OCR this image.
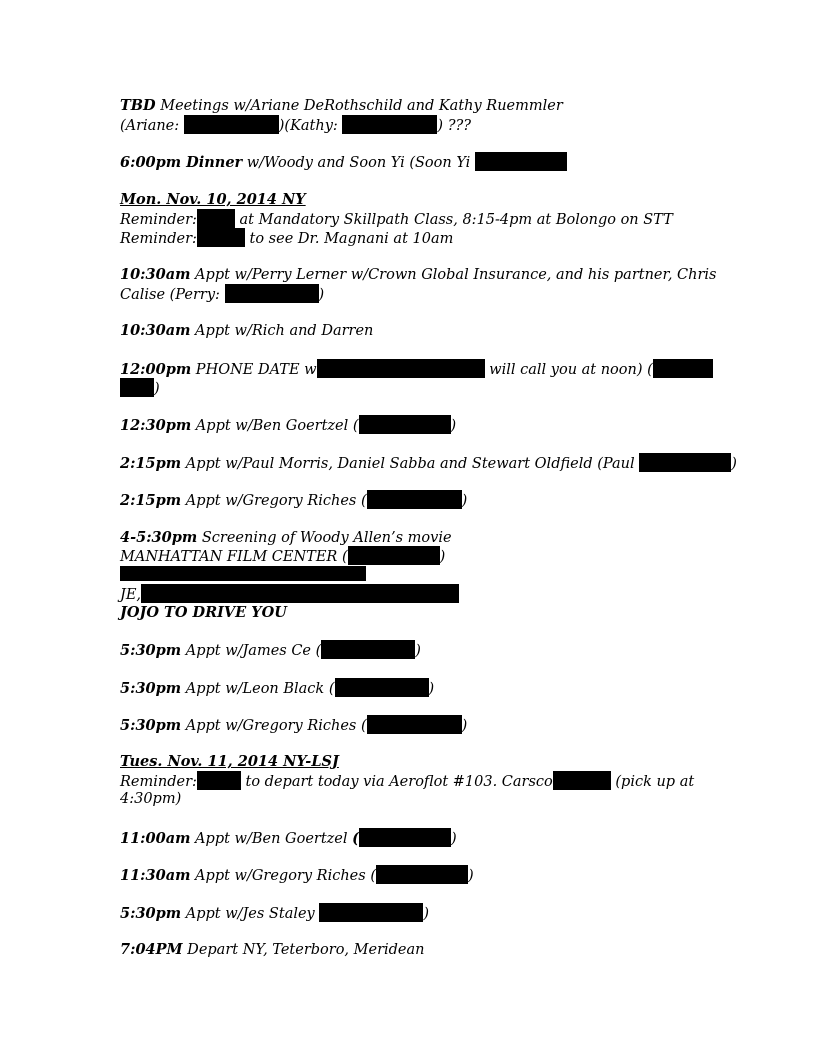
TBD Meetings w/Ariane DeRothschild and Kathy Ruemmler
(Ariane:	)(Kathy:	) ???
6:00pm Dinner w/Woody and Soon Yi (Soon Yi
Mon. Nov. 10, 2014 NY
Reminder:	at Mandatory Skillpath Class, 8:15-4pm at Bolongo on STT
Reminder:	to see Dr. Magnani at 10am
10:30am Appt w/Perry Lerner w/Crown Global Insurance, and his partner, Chris
Calise (Perry:	)
10:30am Appt w/Rich and Darren
12:00pm PHONE DATE w	will call you at noon) (
)
12:30pm Appt w/Ben Goertzel (	)
2:15pm Appt w/Paul Morris, Daniel Sabba and Stewart Oldfield (Paul	)
2:15pm Appt w/Gregory Riches (	)
4-5:30pm Screening of Woody Allen’s movie
MANHATTAN FILM CENTER (	)
JE,
JOJO TO DRIVE YOU
5:30pm Appt w/James Ce (	)
5:30pm Appt w/Leon Black (	)
5:30pm Appt w/Gregory Riches (	)
Tues. Nov. 11, 2014 NY-LSJ
Reminder:	to depart today via Aeroflot #103. Carsco	(pick up at
4:30pm)
11:00am Appt w/Ben Goertzel (	)
11:30am Appt w/Gregory Riches (	)
5:30pm Appt w/Jes Staley	)
7:04PM Depart NY, Teterboro, Meridean
